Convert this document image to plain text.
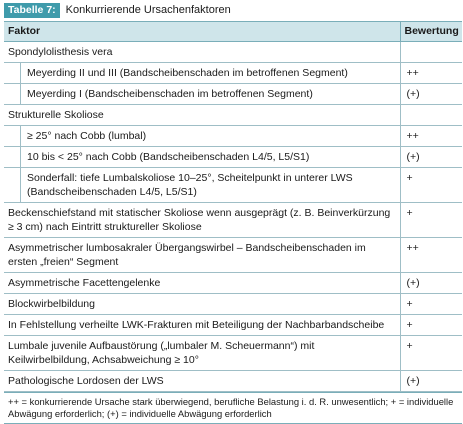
Tabelle 7: Konkurrierende Ursachenfaktoren
Faktor	Bewertung
Spondylolisthesis vera	

Meyerding II und III (Bandscheibenschaden im betroffenen Segment)	++

Meyerding I (Bandscheibenschaden im betroffenen Segment)	(+)
Strukturelle Skoliose	

≥ 25° nach Cobb (lumbal)	++

10 bis < 25° nach Cobb (Bandscheibenschaden L4/5, L5/S1)	(+)

Sonderfall: tiefe Lumbalskoliose 10–25°, Scheitelpunkt in unterer LWS (Bandscheibenschaden L4/5, L5/S1)	+
Beckenschiefstand mit statischer Skoliose wenn ausgeprägt (z. B. Beinverkürzung ≥ 3 cm) nach Eintritt struktureller Skoliose	+
Asymmetrischer lumbosakraler Übergangswirbel – Bandscheibenschaden im ersten „freien“ Segment	++
Asymmetrische Facettengelenke	(+)
Blockwirbelbildung	+
In Fehlstellung verheilte LWK-Frakturen mit Beteiligung der Nachbarbandscheibe	+
Lumbale juvenile Aufbaustörung („lumbaler M. Scheuermann“) mit Keilwirbelbildung, Achsabweichung ≥ 10°	+
Pathologische Lordosen der LWS	(+)
++ = konkurrierende Ursache stark überwiegend, berufliche Belastung i. d. R. unwesentlich; + = individuelle Abwägung erforderlich; (+) = individuelle Abwägung erforderlich
